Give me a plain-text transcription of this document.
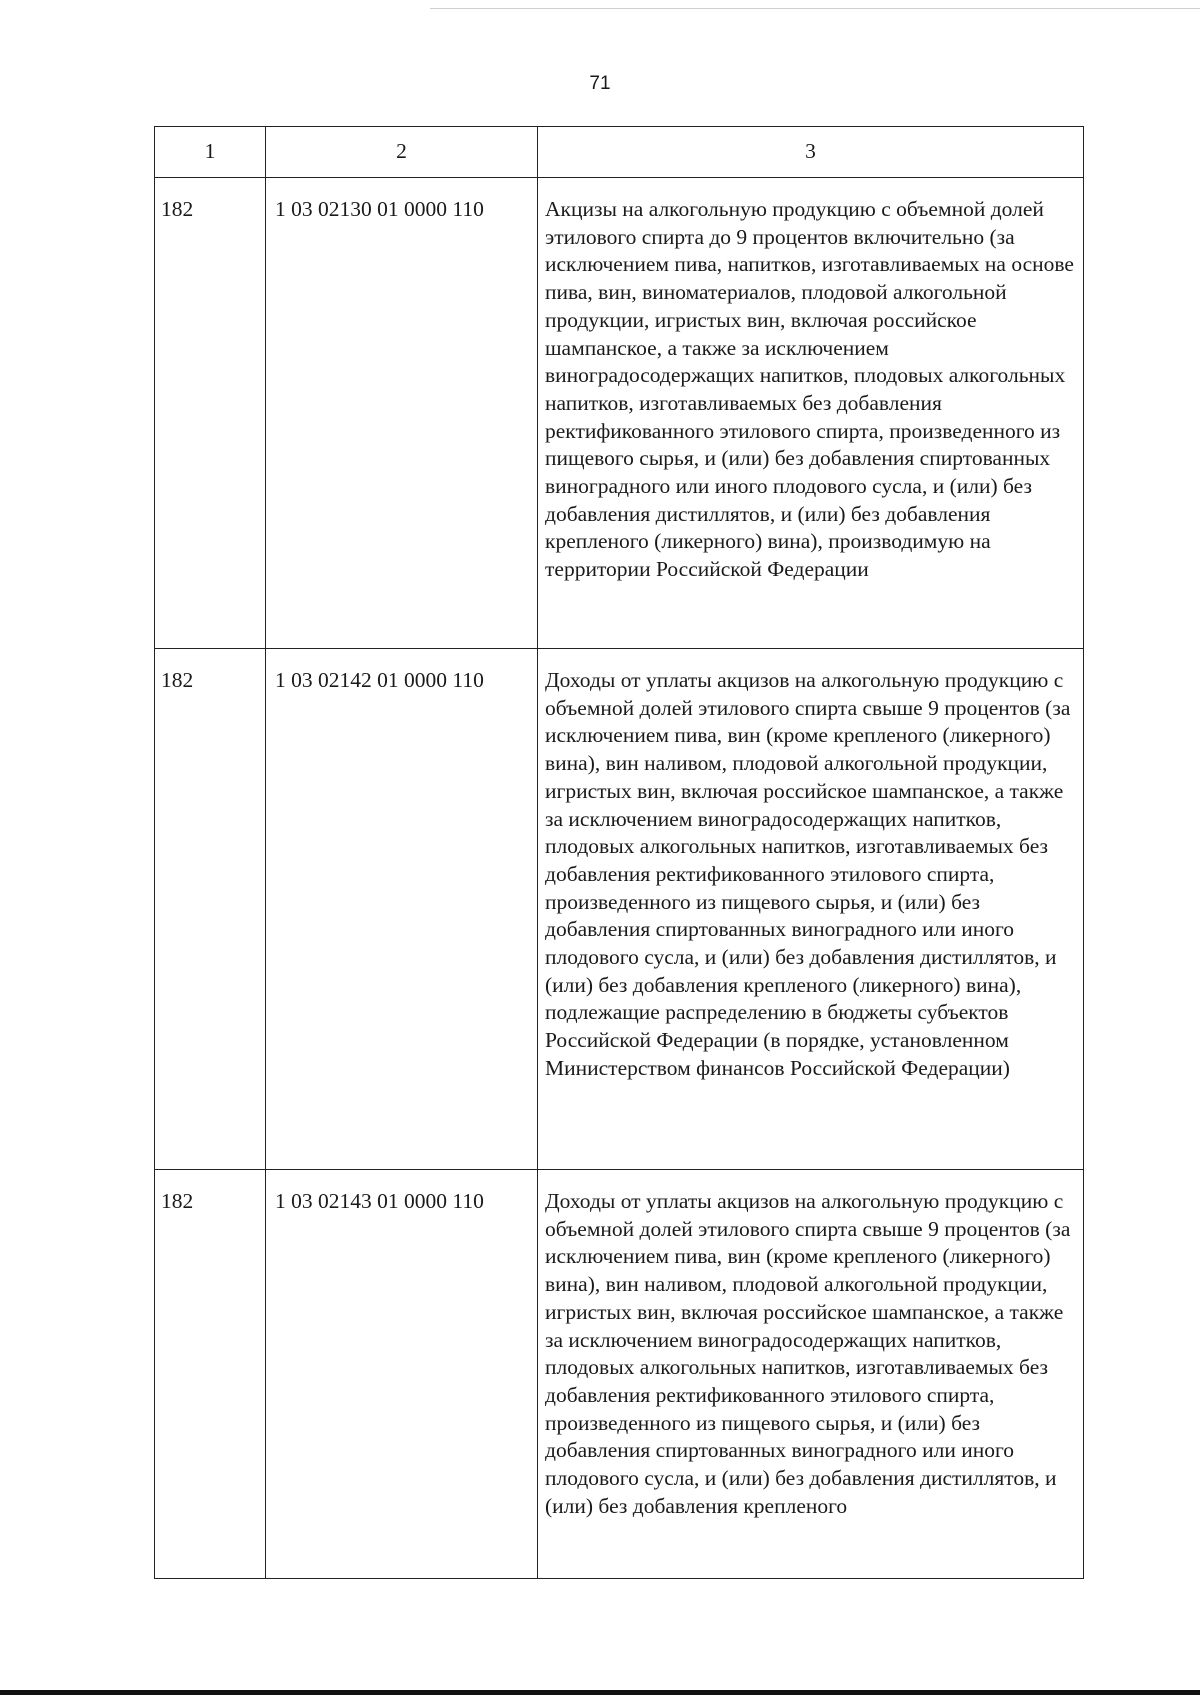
71
1	2	3
182	1 03 02130 01 0000 110	Акцизы на алкогольную продукцию с объемной долей этилового спирта до 9 процентов включительно (за исключением пива, напитков, изготавливаемых на основе пива, вин, виноматериалов, плодовой алкогольной продукции, игристых вин, включая российское шампанское, а также за исключением виноградосодержащих напитков, плодовых алкогольных напитков, изготавливаемых без добавления ректификованного этилового спирта, произведенного из пищевого сырья, и (или) без добавления спиртованных виноградного или иного плодового сусла, и (или) без добавления дистиллятов, и (или) без добавления крепленого (ликерного) вина), производимую на территории Российской Федерации
182	1 03 02142 01 0000 110	Доходы от уплаты акцизов на алкогольную продукцию с объемной долей этилового спирта свыше 9 процентов (за исключением пива, вин (кроме крепленого (ликерного) вина), вин наливом, плодовой алкогольной продукции, игристых вин, включая российское шампанское, а также за исключением виноградосодержащих напитков, плодовых алкогольных напитков, изготавливаемых без добавления ректификованного этилового спирта, произведенного из пищевого сырья, и (или) без добавления спиртованных виноградного или иного плодового сусла, и (или) без добавления дистиллятов, и (или) без добавления крепленого (ликерного) вина), подлежащие распределению в бюджеты субъектов Российской Федерации (в порядке, установленном Министерством финансов Российской Федерации)
182	1 03 02143 01 0000 110	Доходы от уплаты акцизов на алкогольную продукцию с объемной долей этилового спирта свыше 9 процентов (за исключением пива, вин (кроме крепленого (ликерного) вина), вин наливом, плодовой алкогольной продукции, игристых вин, включая российское шампанское, а также за исключением виноградосодержащих напитков, плодовых алкогольных напитков, изготавливаемых без добавления ректификованного этилового спирта, произведенного из пищевого сырья, и (или) без добавления спиртованных виноградного или иного плодового сусла, и (или) без добавления дистиллятов, и (или) без добавления крепленого
